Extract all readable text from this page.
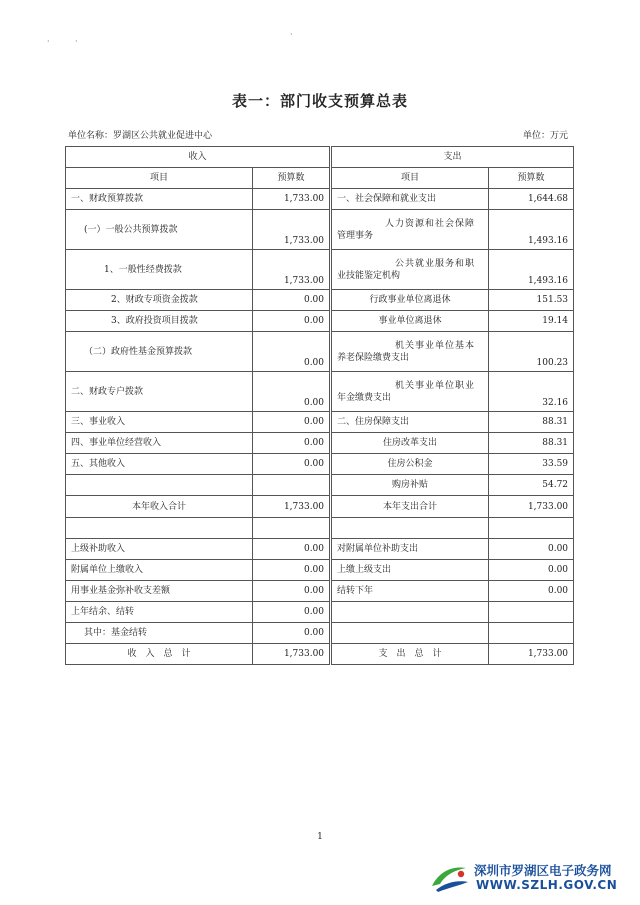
·	·
·
表一：部门收支预算总表
单位名称：罗湖区公共就业促进中心	单位：万元
收入		支出	
项目	预算数	项目	预算数
一、财政预算拨款	1,733.00	一、社会保障和就业支出	1,644.68
(一）一般公共预算拨款	1,733.00	人力资源和社会保障
管理事务	1,493.16
1、一般性经费拨款	1,733.00	公共就业服务和职
业技能鉴定机构	1,493.16
2、财政专项资金拨款	0.00	行政事业单位离退休	151.53
3、政府投资项目拨款	0.00	事业单位离退休	19.14
（二）政府性基金预算拨款	0.00	机关事业单位基本
养老保险缴费支出	100.23
二、财政专户拨款	0.00	机关事业单位职业
年金缴费支出	32.16
三、事业收入	0.00	二、住房保障支出	88.31
四、事业单位经营收入	0.00	住房改革支出	88.31
五、其他收入	0.00	住房公积金	33.59
		购房补贴	54.72
本年收入合计	1,733.00	本年支出合计	1,733.00

上级补助收入	0.00	对附属单位补助支出	0.00
附属单位上缴收入	0.00	上缴上级支出	0.00
用事业基金弥补收支差额	0.00	结转下年	0.00
上年结余、结转	0.00		
其中：基金结转	0.00		
收　入　总　计	1,733.00	支　出　总　计	1,733.00
1
深圳市罗湖区电子政务网
WWW.SZLH.GOV.CN
